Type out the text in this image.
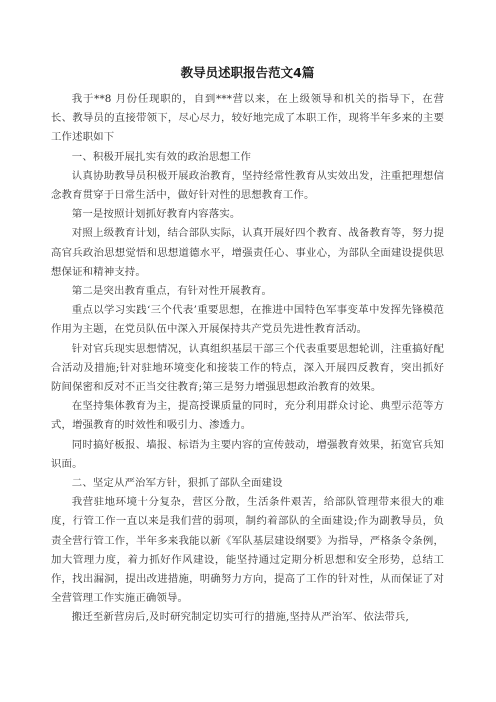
教导员述职报告范文4篇

我于**8 月份任现职的，自到***营以来，在上级领导和机关的指导下，在营长、教导员的直接带领下，尽心尽力，较好地完成了本职工作，现将半年多来的主要工作述职如下

一、积极开展扎实有效的政治思想工作

认真协助教导员积极开展政治教育，坚持经常性教育从实效出发，注重把理想信念教育贯穿于日常生活中，做好针对性的思想教育工作。

第一是按照计划抓好教育内容落实。

对照上级教育计划，结合部队实际，认真开展好四个教育、战备教育等，努力提高官兵政治思想觉悟和思想道德水平，增强责任心、事业心，为部队全面建设提供思想保证和精神支持。

第二是突出教育重点，有针对性开展教育。

重点以学习实践‘三个代表’重要思想，在推进中国特色军事变革中发挥先锋模范作用为主题，在党员队伍中深入开展保持共产党员先进性教育活动。

针对官兵现实思想情况，认真组织基层干部三个代表重要思想轮训，注重搞好配合活动及措施;针对驻地环境变化和接装工作的特点，深入开展四反教育，突出抓好防间保密和反对不正当交往教育;第三是努力增强思想政治教育的效果。

在坚持集体教育为主，提高授课质量的同时，充分利用群众讨论、典型示范等方式，增强教育的时效性和吸引力、渗透力。

同时搞好板报、墙报、标语为主要内容的宣传鼓动，增强教育效果，拓宽官兵知识面。

二、坚定从严治军方针，狠抓了部队全面建设

我营驻地环境十分复杂，营区分散，生活条件艰苦，给部队管理带来很大的难度，行管工作一直以来是我们营的弱项，制约着部队的全面建设;作为副教导员，负责全营行管工作，半年多来我能以新《军队基层建设纲要》为指导，严格条令条例，加大管理力度，着力抓好作风建设，能坚持通过定期分析思想和安全形势，总结工作，找出漏洞，提出改进措施，明确努力方向，提高了工作的针对性，从而保证了对全营管理工作实施正确领导。

搬迁至新营房后,及时研究制定切实可行的措施,坚持从严治军、依法带兵,
